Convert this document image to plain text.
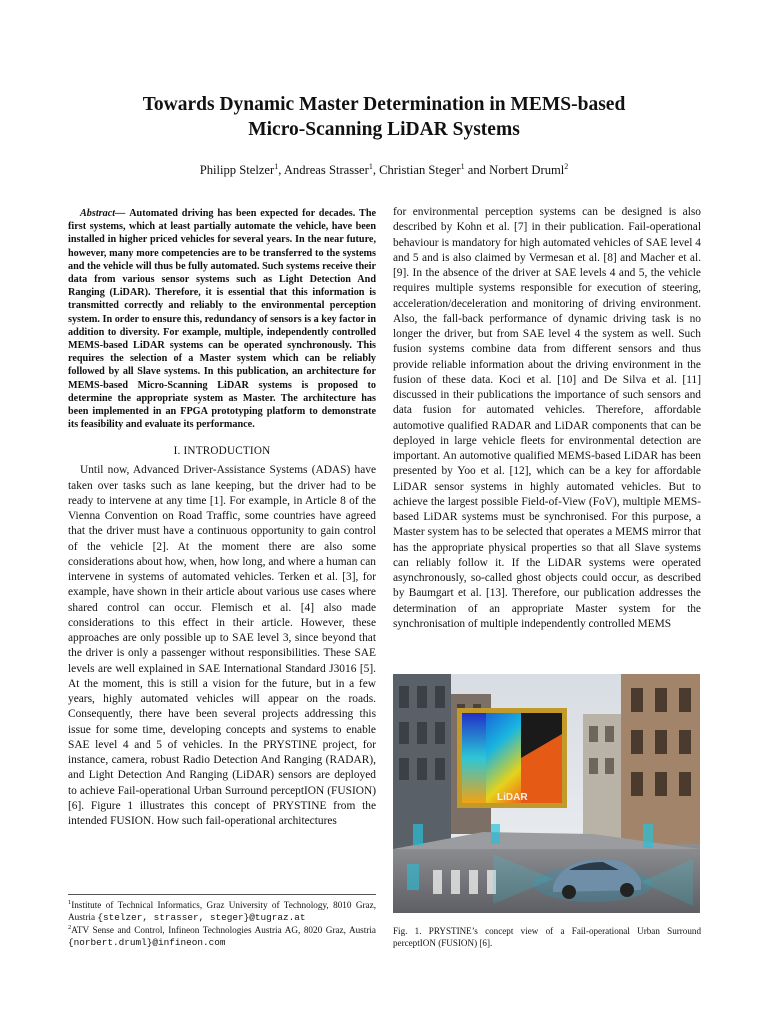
Towards Dynamic Master Determination in MEMS-based
Micro-Scanning LiDAR Systems
Philipp Stelzer$^1$, Andreas Strasser$^1$, Christian Steger$^1$ and Norbert Druml$^2$

Abstract— Automated driving has been expected for decades. The first systems, which at least partially automate the vehicle, have been installed in higher priced vehicles for several years. In the near future, however, many more competencies are to be transferred to the systems and the vehicle will thus be fully automated. Such systems receive their data from various sensor systems such as Light Detection And Ranging (LiDAR). Therefore, it is essential that this information is transmitted correctly and reliably to the environmental perception system. In order to ensure this, redundancy of sensors is a key factor in addition to diversity. For example, multiple, independently controlled MEMS-based LiDAR systems can be operated synchronously. This requires the selection of a Master system which can be reliably followed by all Slave systems. In this publication, an architecture for MEMS-based Micro-Scanning LiDAR systems is proposed to determine the appropriate system as Master. The architecture has been implemented in an FPGA prototyping platform to demonstrate its feasibility and evaluate its performance.

I. INTRODUCTION

Until now, Advanced Driver-Assistance Systems (ADAS) have taken over tasks such as lane keeping, but the driver had to be ready to intervene at any time [1]. For example, in Article 8 of the Vienna Convention on Road Traffic, some countries have agreed that the driver must have a continuous opportunity to gain control of the vehicle [2]. At the moment there are also some considerations about how, when, how long, and where a human can intervene in systems of automated vehicles. Terken et al. [3], for example, have shown in their article about various use cases where shared control can occur. Flemisch et al. [4] also made considerations to this effect in their article. However, these approaches are only possible up to SAE level 3, since beyond that the driver is only a passenger without responsibilities. These SAE levels are well explained in SAE International Standard J3016 [5]. At the moment, this is still a vision for the future, but in a few years, highly automated vehicles will appear on the roads. Consequently, there have been several projects addressing this issue for some time, developing concepts and systems to enable SAE level 4 and 5 of vehicles. In the PRYSTINE project, for instance, camera, robust Radio Detection And Ranging (RADAR), and Light Detection And Ranging (LiDAR) sensors are deployed to achieve Fail-operational Urban Surround perceptION (FUSION) [6]. Figure 1 illustrates this concept of PRYSTINE from the intended FUSION. How such fail-operational architectures

for environmental perception systems can be designed is also described by Kohn et al. [7] in their publication. Fail-operational behaviour is mandatory for high automated vehicles of SAE level 4 and 5 and is also claimed by Vermesan et al. [8] and Macher et al. [9]. In the absence of the driver at SAE levels 4 and 5, the vehicle requires multiple systems responsible for execution of steering, acceleration/deceleration and monitoring of driving environment. Also, the fall-back performance of dynamic driving task is no longer the driver, but from SAE level 4 the system as well. Such fusion systems combine data from different sensors and thus provide reliable information about the driving environment in the fusion of these data. Koci et al. [10] and De Silva et al. [11] discussed in their publications the importance of such sensors and data fusion for automated vehicles. Therefore, affordable automotive qualified RADAR and LiDAR components that can be deployed in large vehicle fleets for environmental detection are important. An automotive qualified MEMS-based LiDAR has been presented by Yoo et al. [12], which can be a key for affordable LiDAR sensor systems in highly automated vehicles. But to achieve the largest possible Field-of-View (FoV), multiple MEMS-based LiDAR systems must be synchronised. For this purpose, a Master system has to be selected that operates a MEMS mirror that has the appropriate physical properties so that all Slave systems can reliably follow it. If the LiDAR systems were operated asynchronously, so-called ghost objects could occur, as described by Baumgart et al. [13]. Therefore, our publication addresses the determination of an appropriate Master system for the synchronisation of multiple independently controlled MEMS

$^1$Institute of Technical Informatics, Graz University of Technology, 8010 Graz, Austria {stelzer, strasser, steger}@tugraz.at

$^2$ATV Sense and Control, Infineon Technologies Austria AG, 8020 Graz, Austria {norbert.druml}@infineon.com

LiDAR
Fig. 1. PRYSTINE’s concept view of a Fail-operational Urban Surround perceptION (FUSION) [6].
